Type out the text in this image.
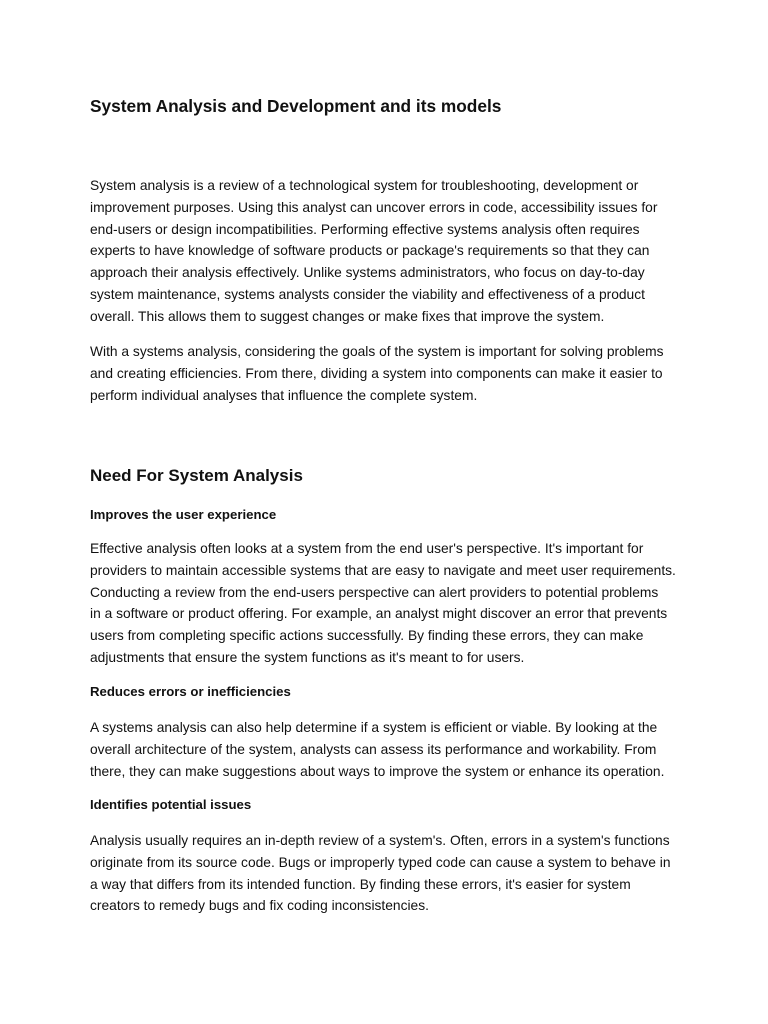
System Analysis and Development and its models
System analysis is a review of a technological system for troubleshooting, development or
improvement purposes. Using this analyst can uncover errors in code, accessibility issues for
end-users or design incompatibilities. Performing effective systems analysis often requires
experts to have knowledge of software products or package's requirements so that they can
approach their analysis effectively. Unlike systems administrators, who focus on day-to-day
system maintenance, systems analysts consider the viability and effectiveness of a product
overall. This allows them to suggest changes or make fixes that improve the system.
With a systems analysis, considering the goals of the system is important for solving problems
and creating efficiencies. From there, dividing a system into components can make it easier to
perform individual analyses that influence the complete system.
Need For System Analysis
Improves the user experience
Effective analysis often looks at a system from the end user's perspective. It's important for
providers to maintain accessible systems that are easy to navigate and meet user requirements.
Conducting a review from the end-users perspective can alert providers to potential problems
in a software or product offering. For example, an analyst might discover an error that prevents
users from completing specific actions successfully. By finding these errors, they can make
adjustments that ensure the system functions as it's meant to for users.
Reduces errors or inefficiencies
A systems analysis can also help determine if a system is efficient or viable. By looking at the
overall architecture of the system, analysts can assess its performance and workability. From
there, they can make suggestions about ways to improve the system or enhance its operation.
Identifies potential issues
Analysis usually requires an in-depth review of a system's. Often, errors in a system's functions
originate from its source code. Bugs or improperly typed code can cause a system to behave in
a way that differs from its intended function. By finding these errors, it's easier for system
creators to remedy bugs and fix coding inconsistencies.
